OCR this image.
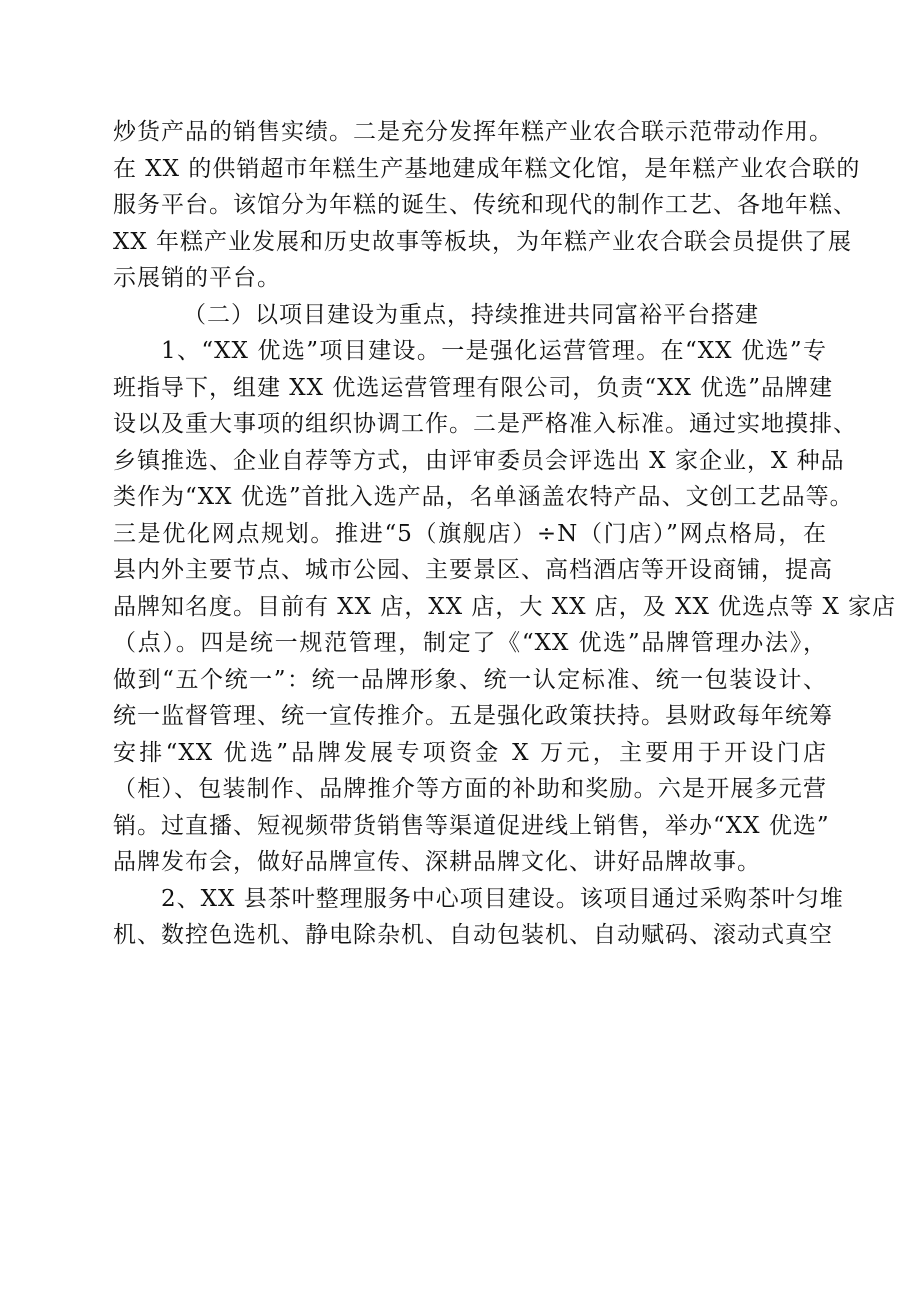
炒货产品的销售实绩。二是充分发挥年糕产业农合联示范带动作用。
在 XX 的供销超市年糕生产基地建成年糕文化馆，是年糕产业农合联的
服务平台。该馆分为年糕的诞生、传统和现代的制作工艺、各地年糕、
XX 年糕产业发展和历史故事等板块，为年糕产业农合联会员提供了展
示展销的平台。
（二）以项目建设为重点，持续推进共同富裕平台搭建
1、“XX 优选”项目建设。一是强化运营管理。在“XX 优选”专
班指导下，组建 XX 优选运营管理有限公司，负责“XX 优选”品牌建
设以及重大事项的组织协调工作。二是严格准入标准。通过实地摸排、
乡镇推选、企业自荐等方式，由评审委员会评选出 X 家企业，X 种品
类作为“XX 优选”首批入选产品，名单涵盖农特产品、文创工艺品等。
三是优化网点规划。推进“5（旗舰店）÷N（门店）”网点格局，在
县内外主要节点、城市公园、主要景区、高档酒店等开设商铺，提高
品牌知名度。目前有 XX 店，XX 店，大 XX 店，及 XX 优选点等 X 家店
（点）。四是统一规范管理，制定了《“XX 优选”品牌管理办法》，
做到“五个统一”：统一品牌形象、统一认定标准、统一包装设计、
统一监督管理、统一宣传推介。五是强化政策扶持。县财政每年统筹
安排“XX 优选”品牌发展专项资金 X 万元，主要用于开设门店
（柜）、包装制作、品牌推介等方面的补助和奖励。六是开展多元营
销。过直播、短视频带货销售等渠道促进线上销售，举办“XX 优选”
品牌发布会，做好品牌宣传、深耕品牌文化、讲好品牌故事。
2、XX 县茶叶整理服务中心项目建设。该项目通过采购茶叶匀堆
机、数控色选机、静电除杂机、自动包装机、自动赋码、滚动式真空
